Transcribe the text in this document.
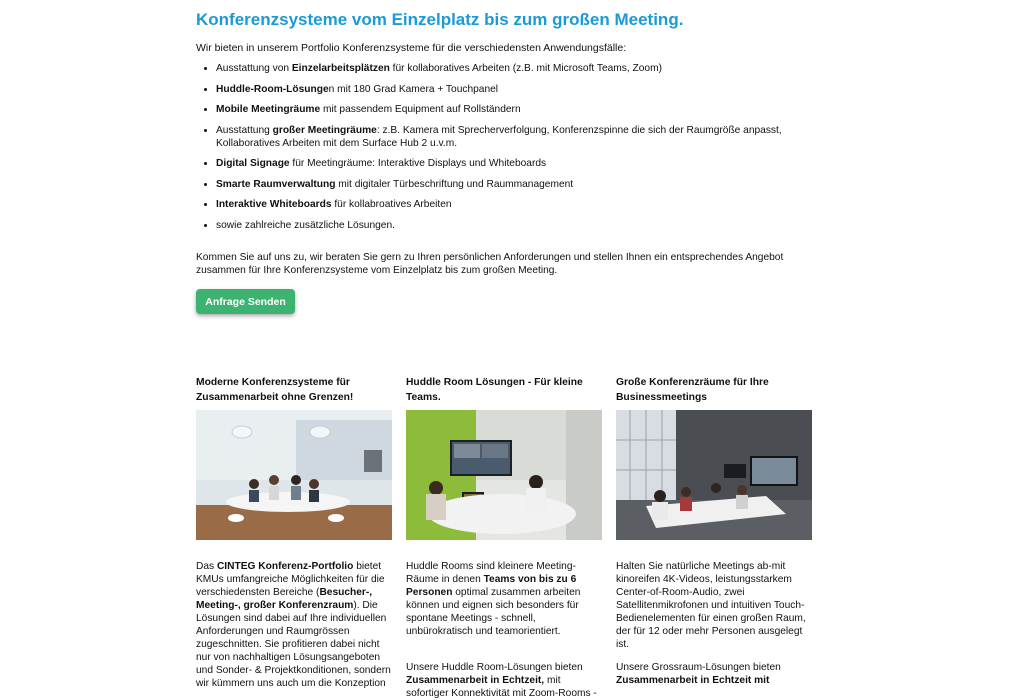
Konferenzsysteme vom Einzelplatz bis zum großen Meeting.

Wir bieten in unserem Portfolio Konferenzsysteme für die verschiedensten Anwendungsfälle:

• Ausstattung von Einzelarbeitsplätzen für kollaboratives Arbeiten (z.B. mit Microsoft Teams, Zoom)
• Huddle-Room-Lösungen mit 180 Grad Kamera + Touchpanel
• Mobile Meetingräume mit passendem Equipment auf Rollständern
• Ausstattung großer Meetingräume: z.B. Kamera mit Sprecherverfolgung, Konferenzspinne die sich der Raumgröße anpasst, Kollaboratives Arbeiten mit dem Surface Hub 2 u.v.m.
• Digital Signage für Meetingräume: Interaktive Displays und Whiteboards
• Smarte Raumverwaltung mit digitaler Türbeschriftung und Raummanagement
• Interaktive Whiteboards für kollabroatives Arbeiten
• sowie zahlreiche zusätzliche Lösungen.

Kommen Sie auf uns zu, wir beraten Sie gern zu Ihren persönlichen Anforderungen und stellen Ihnen ein entsprechendes Angebot zusammen für Ihre Konferenzsysteme vom Einzelplatz bis zum großen Meeting.

Anfrage Senden
Moderne Konferenzsysteme für Zusammenarbeit ohne Grenzen!

Das CINTEG Konferenz-Portfolio bietet KMUs umfangreiche Möglichkeiten für die verschiedensten Bereiche (Besucher-, Meeting-, großer Konferenzraum). Die Lösungen sind dabei auf Ihre individuellen Anforderungen und Raumgrössen zugeschnitten. Sie profitieren dabei nicht nur von nachhaltigen Lösungsangeboten und Sonder- & Projektkonditionen, sondern wir kümmern uns auch um die Konzeption

Huddle Room Lösungen - Für kleine Teams.

Huddle Rooms sind kleinere Meeting-Räume in denen Teams von bis zu 6 Personen optimal zusammen arbeiten können und eignen sich besonders für spontane Meetings - schnell, unbürokratisch und teamorientiert.

Unsere Huddle Room-Lösungen bieten Zusammenarbeit in Echtzeit, mit sofortiger Konnektivität mit Zoom-Rooms -

Große Konferenzräume für Ihre Businessmeetings

Halten Sie natürliche Meetings ab-mit kinoreifen 4K-Videos, leistungsstarkem Center-of-Room-Audio, zwei Satellitenmikrofonen und intuitiven Touch-Bedienelementen für einen großen Raum, der für 12 oder mehr Personen ausgelegt ist.

Unsere Grossraum-Lösungen bieten Zusammenarbeit in Echtzeit mit
